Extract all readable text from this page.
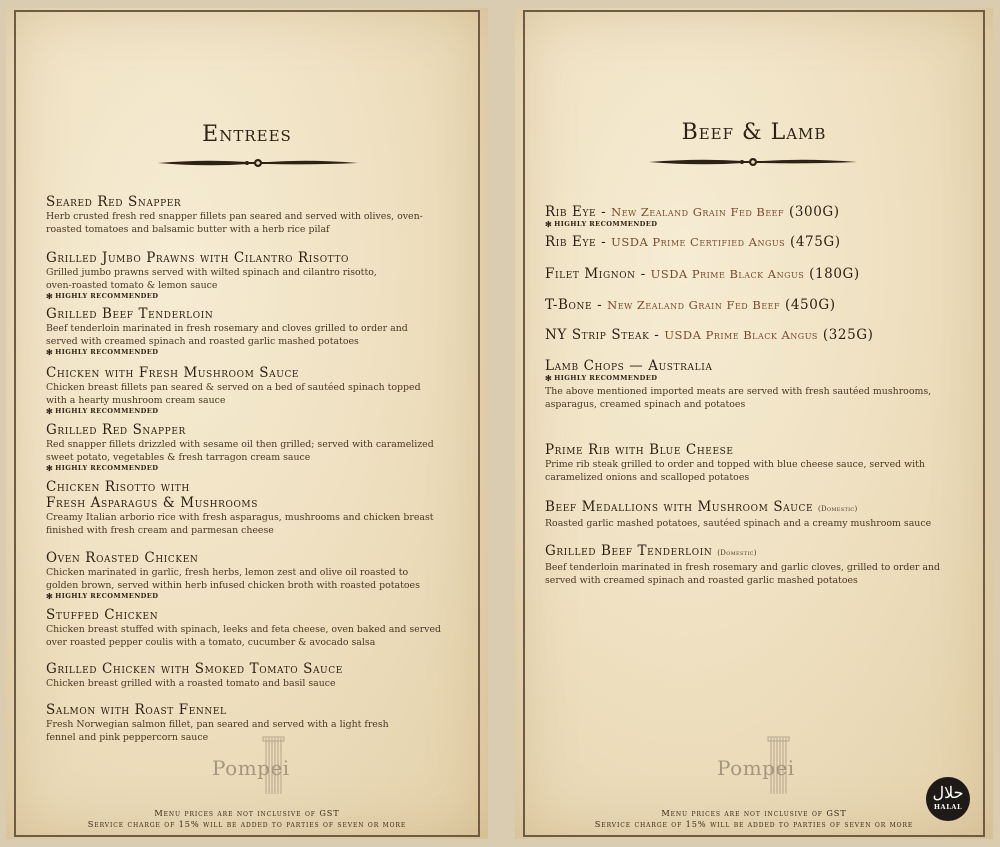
Entrees
Seared Red Snapper
Herb crusted fresh red snapper fillets pan seared and served with olives, oven-
roasted tomatoes and balsamic butter with a herb rice pilaf
Grilled Jumbo Prawns with Cilantro Risotto
Grilled jumbo prawns served with wilted spinach and cilantro risotto,
oven-roasted tomato & lemon sauce
✻ HIGHLY RECOMMENDED
Grilled Beef Tenderloin
Beef tenderloin marinated in fresh rosemary and cloves grilled to order and
served with creamed spinach and roasted garlic mashed potatoes
✻ HIGHLY RECOMMENDED
Chicken with Fresh Mushroom Sauce
Chicken breast fillets pan seared & served on a bed of sautéed spinach topped
with a hearty mushroom cream sauce
✻ HIGHLY RECOMMENDED
Grilled Red Snapper
Red snapper fillets drizzled with sesame oil then grilled; served with caramelized
sweet potato, vegetables & fresh tarragon cream sauce
✻ HIGHLY RECOMMENDED
Chicken Risotto with
Fresh Asparagus & Mushrooms
Creamy Italian arborio rice with fresh asparagus, mushrooms and chicken breast
finished with fresh cream and parmesan cheese
Oven Roasted Chicken
Chicken marinated in garlic, fresh herbs, lemon zest and olive oil roasted to
golden brown, served within herb infused chicken broth with roasted potatoes
✻ HIGHLY RECOMMENDED
Stuffed Chicken
Chicken breast stuffed with spinach, leeks and feta cheese, oven baked and served
over roasted pepper coulis with a tomato, cucumber & avocado salsa
Grilled Chicken with Smoked Tomato Sauce
Chicken breast grilled with a roasted tomato and basil sauce
Salmon with Roast Fennel
Fresh Norwegian salmon fillet, pan seared and served with a light fresh
fennel and pink peppercorn sauce
Pompei
Menu prices are not inclusive of GST
Service charge of 15% will be added to parties of seven or more
Beef & Lamb
Rib Eye - New Zealand Grain Fed Beef (300G)
✻ HIGHLY RECOMMENDED
Rib Eye - USDA Prime Certified Angus (475G)
Filet Mignon - USDA Prime Black Angus (180G)
T-Bone - New Zealand Grain Fed Beef (450G)
NY Strip Steak - USDA Prime Black Angus (325G)
Lamb Chops — Australia
✻ HIGHLY RECOMMENDED
The above mentioned imported meats are served with fresh sautéed mushrooms,
asparagus, creamed spinach and potatoes
Prime Rib with Blue Cheese
Prime rib steak grilled to order and topped with blue cheese sauce, served with
caramelized onions and scalloped potatoes
Beef Medallions with Mushroom Sauce (Domestic)
Roasted garlic mashed potatoes, sautéed spinach and a creamy mushroom sauce
Grilled Beef Tenderloin (Domestic)
Beef tenderloin marinated in fresh rosemary and garlic cloves, grilled to order and
served with creamed spinach and roasted garlic mashed potatoes
Pompei
Menu prices are not inclusive of GST
Service charge of 15% will be added to parties of seven or more
حلال
HALAL
